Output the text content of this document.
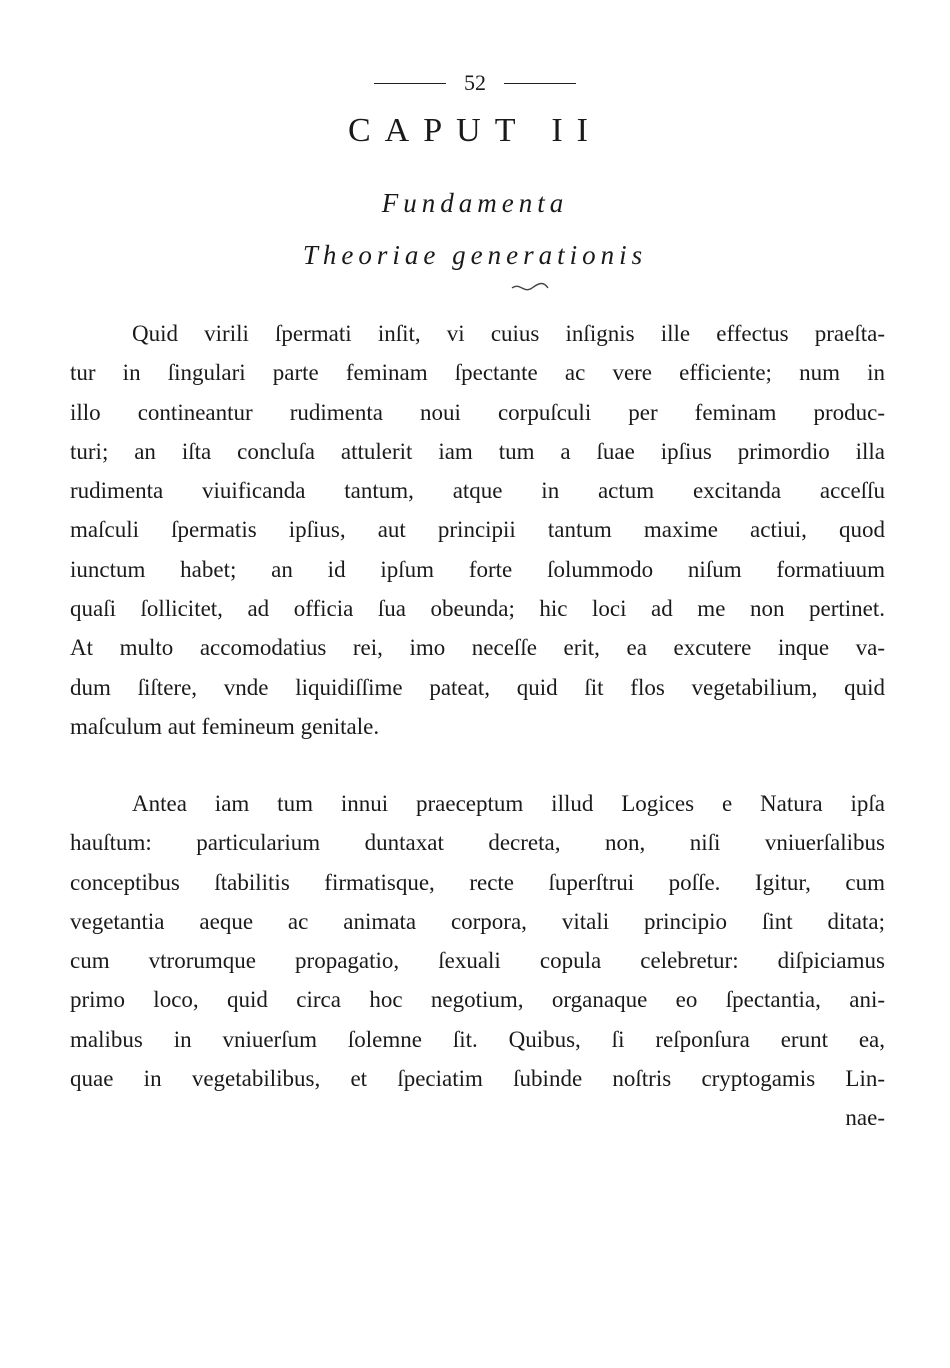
52
CAPUT II
Fundamenta
Theoriae generationis
Quid virili ſpermati inſit, vi cuius inſignis ille effectus praeſta-
tur in ſingulari parte feminam ſpectante ac vere efficiente; num in
illo contineantur rudimenta noui corpuſculi per feminam produc-
turi; an iſta concluſa attulerit iam tum a ſuae ipſius primordio illa
rudimenta viuificanda tantum, atque in actum excitanda acceſſu
maſculi ſpermatis ipſius, aut principii tantum maxime actiui, quod
iunctum habet; an id ipſum forte ſolummodo niſum formatiuum
quaſi ſollicitet, ad officia ſua obeunda; hic loci ad me non pertinet.
At multo accomodatius rei, imo neceſſe erit, ea excutere inque va-
dum ſiſtere, vnde liquidiſſime pateat, quid ſit flos vegetabilium, quid
maſculum aut femineum genitale.
Antea iam tum innui praeceptum illud Logices e Natura ipſa
hauſtum: particularium duntaxat decreta, non, niſi vniuerſalibus
conceptibus ſtabilitis firmatisque, recte ſuperſtrui poſſe. Igitur, cum
vegetantia aeque ac animata corpora, vitali principio ſint ditata;
cum vtrorumque propagatio, ſexuali copula celebretur: diſpiciamus
primo loco, quid circa hoc negotium, organaque eo ſpectantia, ani-
malibus in vniuerſum ſolemne ſit. Quibus, ſi reſponſura erunt ea,
quae in vegetabilibus, et ſpeciatim ſubinde noſtris cryptogamis Lin-
nae-
